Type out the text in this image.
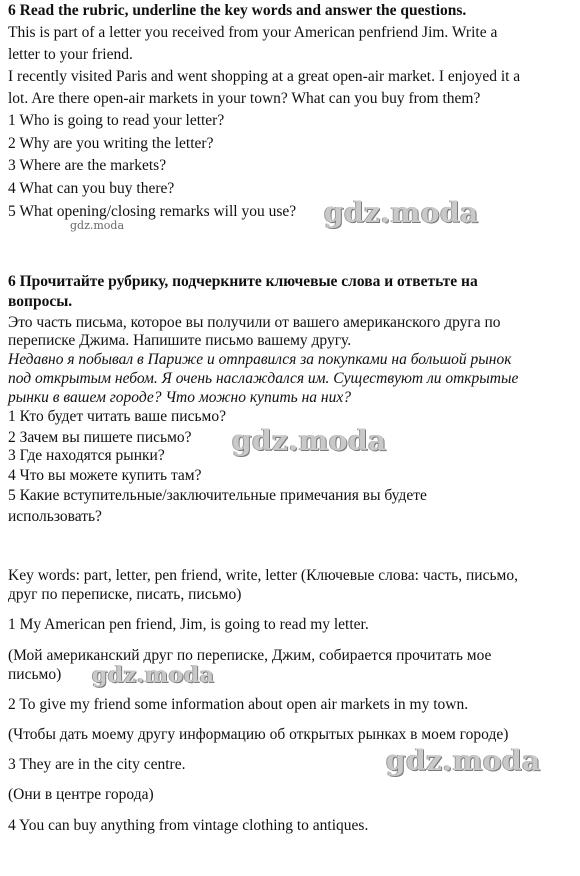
6 Read the rubric, underline the key words and answer the questions.
This is part of a letter you received from your American penfriend Jim. Write a
letter to your friend.
I recently visited Paris and went shopping at a great open-air market. I enjoyed it a
lot. Are there open-air markets in your town? What can you buy from them?
1 Who is going to read your letter?
2 Why are you writing the letter?
3 Where are the markets?
4 What can you buy there?
5 What opening/closing remarks will you use? gdz.moda
gdz.moda
6 Прочитайте рубрику, подчеркните ключевые слова и ответьте на
вопросы.
Это часть письма, которое вы получили от вашего американского друга по
переписке Джима. Напишите письмо вашему другу.
Недавно я побывал в Париже и отправился за покупками на большой рынок
под открытым небом. Я очень наслаждался им. Существуют ли открытые
рынки в вашем городе? Что можно купить на них?
1 Кто будет читать ваше письмо?
2 Зачем вы пишете письмо?
3 Где находятся рынки?
4 Что вы можете купить там?
5 Какие вступительные/заключительные примечания вы будете
использовать?
gdz.moda
Key words: part, letter, pen friend, write, letter (Ключевые слова: часть, письмо,
друг по переписке, писать, письмо)
1 My American pen friend, Jim, is going to read my letter.
(Мой американский друг по переписке, Джим, собирается прочитать мое
письмо) gdz.moda
2 To give my friend some information about open air markets in my town.
(Чтобы дать моему другу информацию об открытых рынках в моем городе)
3 They are in the city centre.	gdz.moda
(Они в центре города)
4 You can buy anything from vintage clothing to antiques.
